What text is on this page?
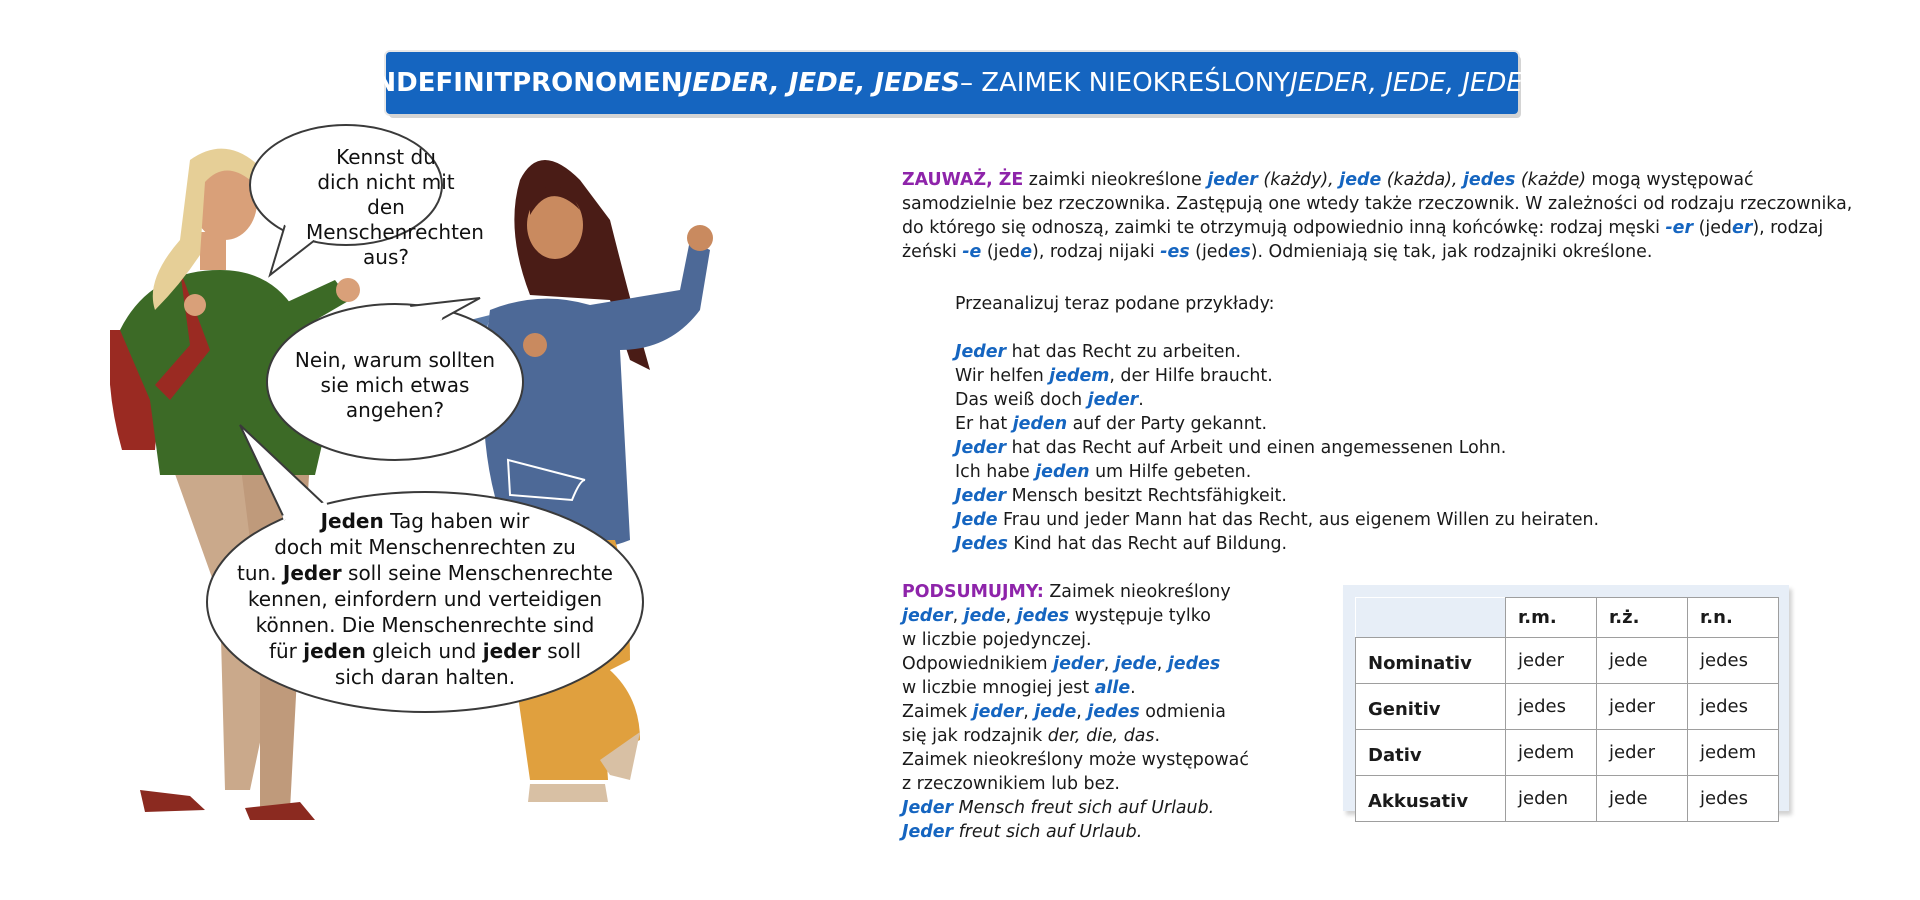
INDEFINITPRONOMEN JEDER, JEDE, JEDES – ZAIMEK NIEOKREŚLONY JEDER, JEDE, JEDES
Kennst du
dich nicht mit den
Menschenrechten
aus?
Nein, warum sollten
sie mich etwas
angehen?
Jeden Tag haben wir
doch mit Menschenrechten zu
tun. Jeder soll seine Menschenrechte
kennen, einfordern und verteidigen
können. Die Menschenrechte sind
für jeden gleich und jeder soll
sich daran halten.
ZAUWAŻ, ŻE zaimki nieokreślone jeder (każdy), jede (każda), jedes (każde) mogą występować samodzielnie bez rzeczownika. Zastępują one wtedy także rzeczownik. W zależności od rodzaju rzeczownika, do którego się odnoszą, zaimki te otrzymują odpowiednio inną końcówkę: rodzaj męski -er (jeder), rodzaj żeński -e (jede), rodzaj nijaki -es (jedes). Odmieniają się tak, jak rodzajniki określone.
Przeanalizuj teraz podane przykłady:
Jeder hat das Recht zu arbeiten.
Wir helfen jedem, der Hilfe braucht.
Das weiß doch jeder.
Er hat jeden auf der Party gekannt.
Jeder hat das Recht auf Arbeit und einen angemessenen Lohn.
Ich habe jeden um Hilfe gebeten.
Jeder Mensch besitzt Rechtsfähigkeit.
Jede Frau und jeder Mann hat das Recht, aus eigenem Willen zu heiraten.
Jedes Kind hat das Recht auf Bildung.
PODSUMUJMY: Zaimek nieokreślony
jeder, jede, jedes występuje tylko
w liczbie pojedynczej.
Odpowiednikiem jeder, jede, jedes
w liczbie mnogiej jest alle.
Zaimek jeder, jede, jedes odmienia
się jak rodzajnik der, die, das.
Zaimek nieokreślony może występować
z rzeczownikiem lub bez.
Jeder Mensch freut sich auf Urlaub.
Jeder freut sich auf Urlaub.
	r.m.	r.ż.	r.n.
Nominativ	jeder	jede	jedes
Genitiv	jedes	jeder	jedes
Dativ	jedem	jeder	jedem
Akkusativ	jeden	jede	jedes
